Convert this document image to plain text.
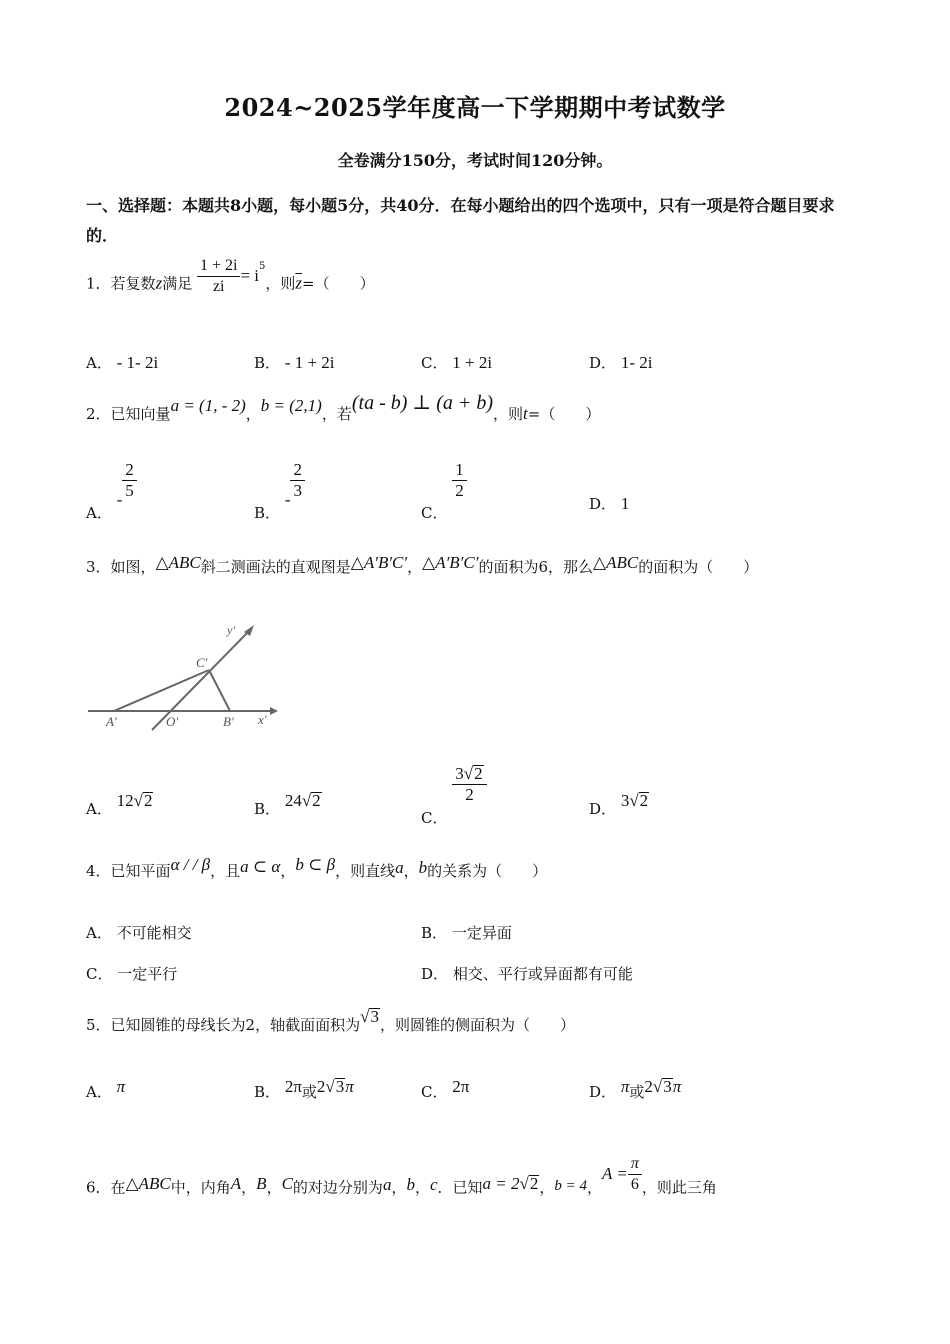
2024~2025学年度高一下学期期中考试数学
全卷满分150分，考试时间120分钟。
一、选择题：本题共8小题，每小题5分，共40分．在每小题给出的四个选项中，只有一项是符合题目要求的．
1．若复数z满足 $\frac{1 + 2i}{zi} = i^5$，则$\overline{z}=$（　　）
A． - 1- 2i	B． - 1 + 2i	C． 1 + 2i	D． 1- 2i
2．已知向量a = (1, - 2)，b = (2,1)，若(ta - b) ⊥ (a + b)，则t=（　　）
A． - $\frac{2}{5}$
B． - $\frac{2}{3}$
C．
$\frac{1}{2}$
D． 1
3．如图，△ABC斜二测画法的直观图是△A′B′C′，△A′B′C′的面积为6，那么△ABC的面积为（　　）
y′
C′
A′	O′	B′ x′
A． 12√2	B． 24√2
C．
$\frac{3√2}{2}$
D． 3√2
4．已知平面α / / β，且a ⊂ α，b ⊂ β，则直线a，b的关系为（　　）
A． 不可能相交	B． 一定异面
C． 一定平行	D． 相交、平行或异面都有可能
5．已知圆锥的母线长为2，轴截面面积为√3，则圆锥的侧面积为（　　）
A． π	B． 2π或2√3π	C． 2π	D． π或2√3π
6．在△ABC中，内角A，B，C的对边分别为a，b，c．已知a = 2√2，b = 4，$A = \frac{\pi}{6}$ ，则此三角
